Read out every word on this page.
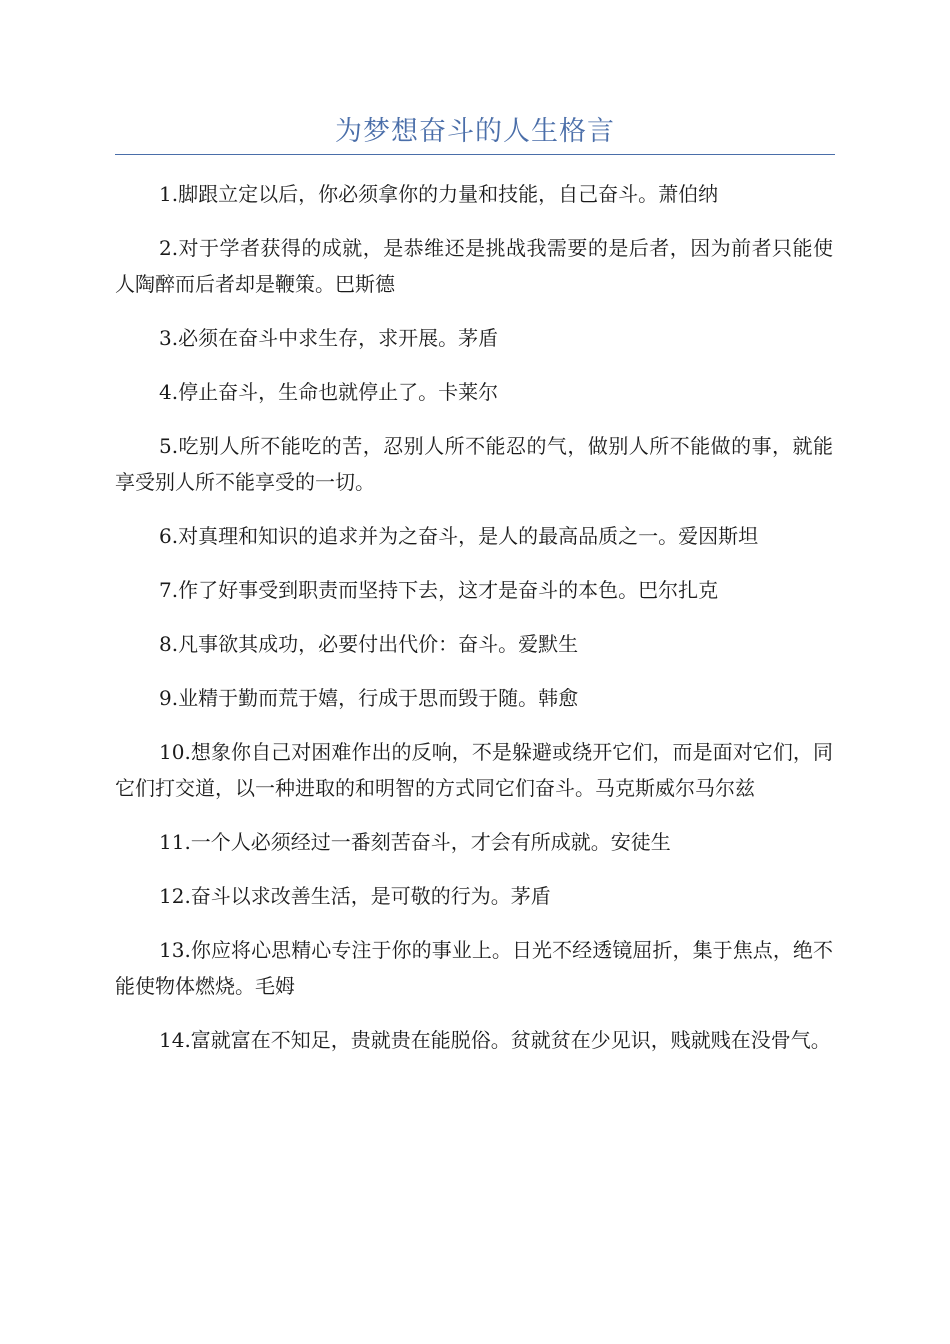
为梦想奋斗的人生格言

1.脚跟立定以后，你必须拿你的力量和技能，自己奋斗。萧伯纳

2.对于学者获得的成就，是恭维还是挑战我需要的是后者，因为前者只能使人陶醉而后者却是鞭策。巴斯德

3.必须在奋斗中求生存，求开展。茅盾

4.停止奋斗，生命也就停止了。卡莱尔

5.吃别人所不能吃的苦，忍别人所不能忍的气，做别人所不能做的事，就能享受别人所不能享受的一切。

6.对真理和知识的追求并为之奋斗，是人的最高品质之一。爱因斯坦

7.作了好事受到职责而坚持下去，这才是奋斗的本色。巴尔扎克

8.凡事欲其成功，必要付出代价：奋斗。爱默生

9.业精于勤而荒于嬉，行成于思而毁于随。韩愈

10.想象你自己对困难作出的反响，不是躲避或绕开它们，而是面对它们，同它们打交道，以一种进取的和明智的方式同它们奋斗。马克斯威尔马尔兹

11.一个人必须经过一番刻苦奋斗，才会有所成就。安徒生

12.奋斗以求改善生活，是可敬的行为。茅盾

13.你应将心思精心专注于你的事业上。日光不经透镜屈折，集于焦点，绝不能使物体燃烧。毛姆

14.富就富在不知足，贵就贵在能脱俗。贫就贫在少见识，贱就贱在没骨气。
